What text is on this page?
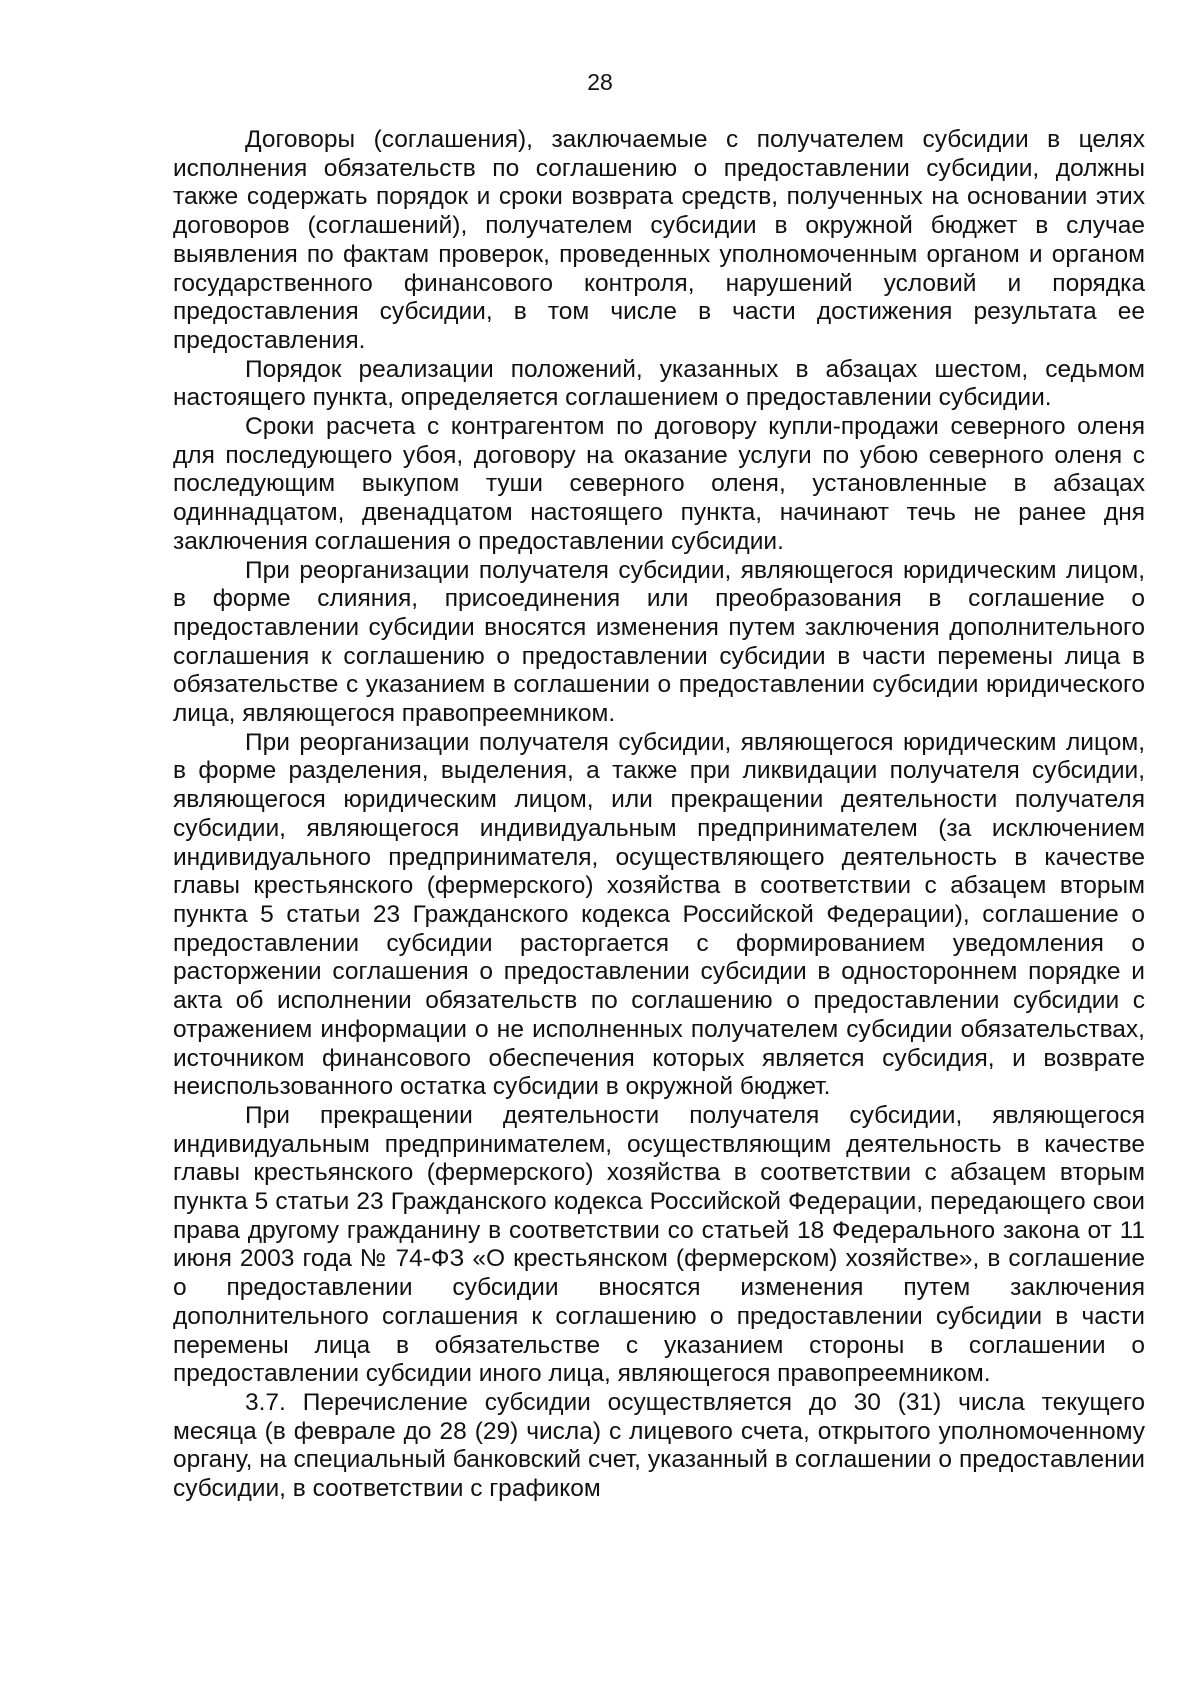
28

Договоры (соглашения), заключаемые с получателем субсидии в целях исполнения обязательств по соглашению о предоставлении субсидии, должны также содержать порядок и сроки возврата средств, полученных на основании этих договоров (соглашений), получателем субсидии в окружной бюджет в случае выявления по фактам проверок, проведенных уполномоченным органом и органом государственного финансового контроля, нарушений условий и порядка предоставления субсидии, в том числе в части достижения результата ее предоставления.

Порядок реализации положений, указанных в абзацах шестом, седьмом настоящего пункта, определяется соглашением о предоставлении субсидии.

Сроки расчета с контрагентом по договору купли-продажи северного оленя для последующего убоя, договору на оказание услуги по убою северного оленя с последующим выкупом туши северного оленя, установленные в абзацах одиннадцатом, двенадцатом настоящего пункта, начинают течь не ранее дня заключения соглашения о предоставлении субсидии.

При реорганизации получателя субсидии, являющегося юридическим лицом, в форме слияния, присоединения или преобразования в соглашение о предоставлении субсидии вносятся изменения путем заключения дополнительного соглашения к соглашению о предоставлении субсидии в части перемены лица в обязательстве с указанием в соглашении о предоставлении субсидии юридического лица, являющегося правопреемником.

При реорганизации получателя субсидии, являющегося юридическим лицом, в форме разделения, выделения, а также при ликвидации получателя субсидии, являющегося юридическим лицом, или прекращении деятельности получателя субсидии, являющегося индивидуальным предпринимателем (за исключением индивидуального предпринимателя, осуществляющего деятельность в качестве главы крестьянского (фермерского) хозяйства в соответствии с абзацем вторым пункта 5 статьи 23 Гражданского кодекса Российской Федерации), соглашение о предоставлении субсидии расторгается с формированием уведомления о расторжении соглашения о предоставлении субсидии в одностороннем порядке и акта об исполнении обязательств по соглашению о предоставлении субсидии с отражением информации о не исполненных получателем субсидии обязательствах, источником финансового обеспечения которых является субсидия, и возврате неиспользованного остатка субсидии в окружной бюджет.

При прекращении деятельности получателя субсидии, являющегося индивидуальным предпринимателем, осуществляющим деятельность в качестве главы крестьянского (фермерского) хозяйства в соответствии с абзацем вторым пункта 5 статьи 23 Гражданского кодекса Российской Федерации, передающего свои права другому гражданину в соответствии со статьей 18 Федерального закона от 11 июня 2003 года № 74-ФЗ «О крестьянском (фермерском) хозяйстве», в соглашение о предоставлении субсидии вносятся изменения путем заключения дополнительного соглашения к соглашению о предоставлении субсидии в части перемены лица в обязательстве с указанием стороны в соглашении о предоставлении субсидии иного лица, являющегося правопреемником.

3.7. Перечисление субсидии осуществляется до 30 (31) числа текущего месяца (в феврале до 28 (29) числа) с лицевого счета, открытого уполномоченному органу, на специальный банковский счет, указанный в соглашении о предоставлении субсидии, в соответствии с графиком
